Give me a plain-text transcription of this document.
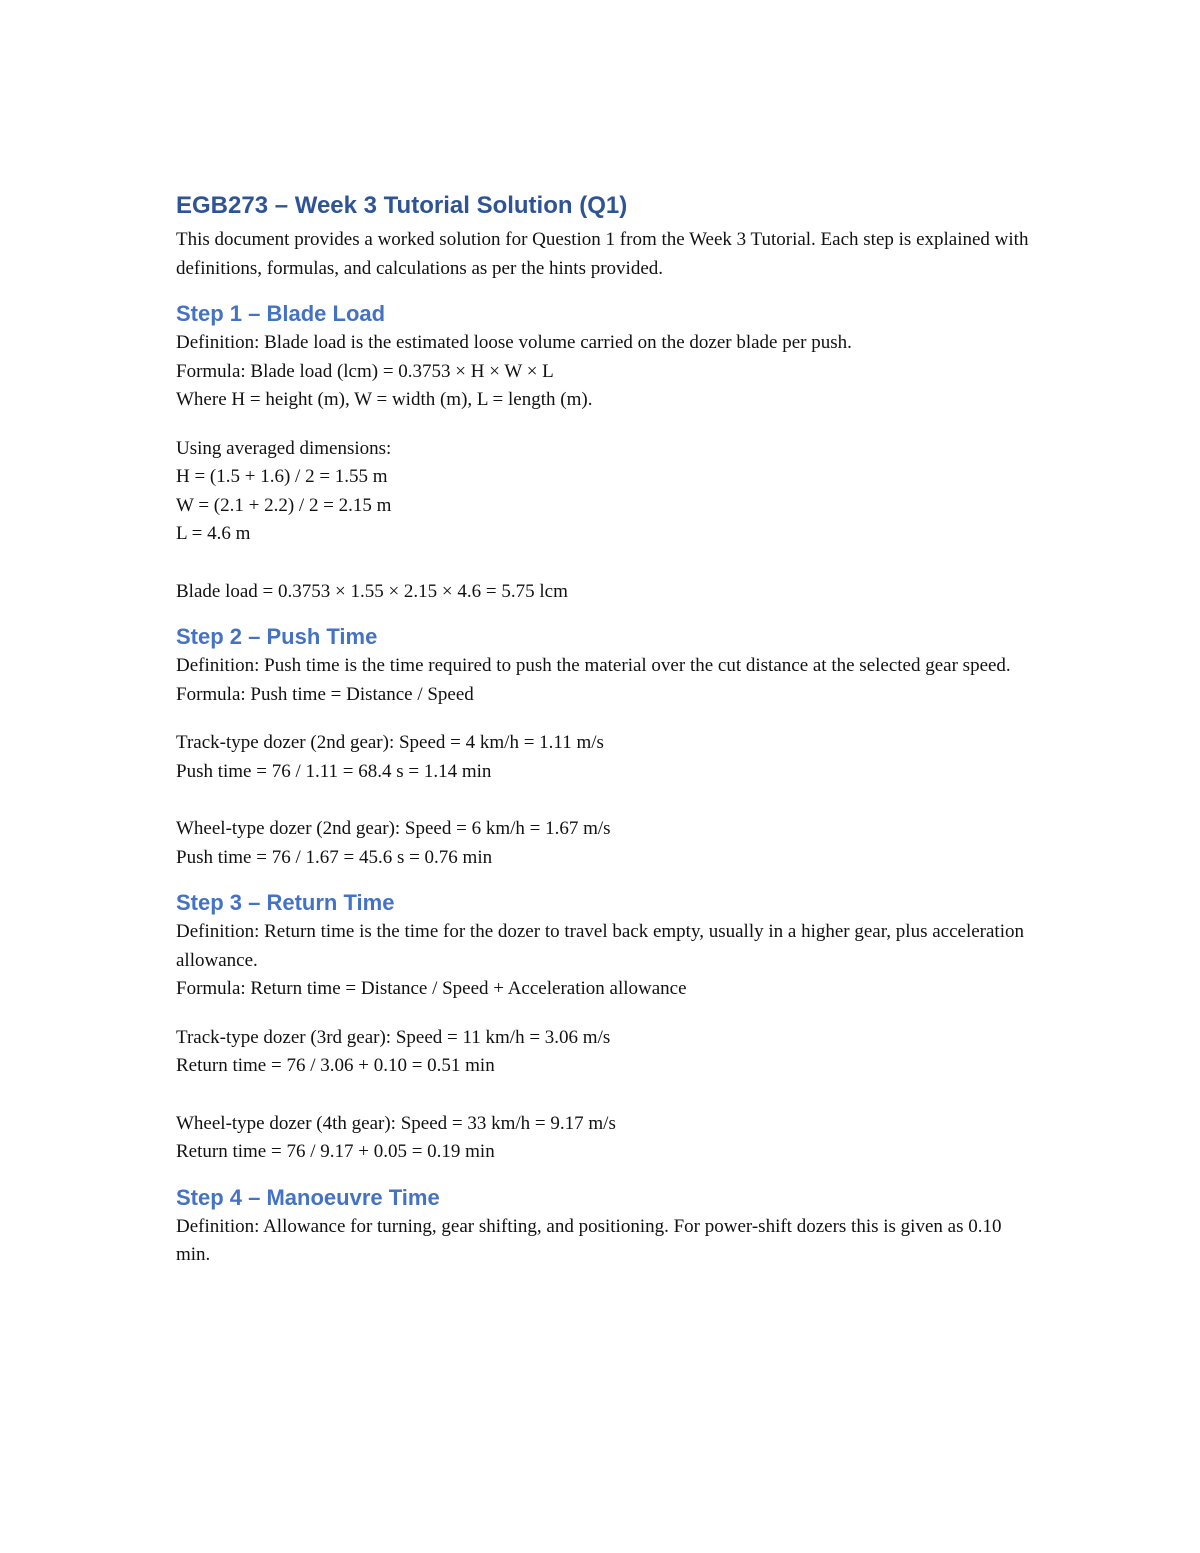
EGB273 – Week 3 Tutorial Solution (Q1)

This document provides a worked solution for Question 1 from the Week 3 Tutorial. Each step is explained with definitions, formulas, and calculations as per the hints provided.

Step 1 – Blade Load
Definition: Blade load is the estimated loose volume carried on the dozer blade per push.
Formula: Blade load (lcm) = 0.3753 × H × W × L
Where H = height (m), W = width (m), L = length (m).
Using averaged dimensions:
H = (1.5 + 1.6) / 2 = 1.55 m
W = (2.1 + 2.2) / 2 = 2.15 m
L = 4.6 m
Blade load = 0.3753 × 1.55 × 2.15 × 4.6 = 5.75 lcm
Step 2 – Push Time

Definition: Push time is the time required to push the material over the cut distance at the selected gear speed.

Formula: Push time = Distance / Speed
Track-type dozer (2nd gear): Speed = 4 km/h = 1.11 m/s
Push time = 76 / 1.11 = 68.4 s = 1.14 min
Wheel-type dozer (2nd gear): Speed = 6 km/h = 1.67 m/s
Push time = 76 / 1.67 = 45.6 s = 0.76 min
Step 3 – Return Time

Definition: Return time is the time for the dozer to travel back empty, usually in a higher gear, plus acceleration allowance.

Formula: Return time = Distance / Speed + Acceleration allowance
Track-type dozer (3rd gear): Speed = 11 km/h = 3.06 m/s
Return time = 76 / 3.06 + 0.10 = 0.51 min
Wheel-type dozer (4th gear): Speed = 33 km/h = 9.17 m/s
Return time = 76 / 9.17 + 0.05 = 0.19 min
Step 4 – Manoeuvre Time

Definition: Allowance for turning, gear shifting, and positioning. For power-shift dozers this is given as 0.10 min.
